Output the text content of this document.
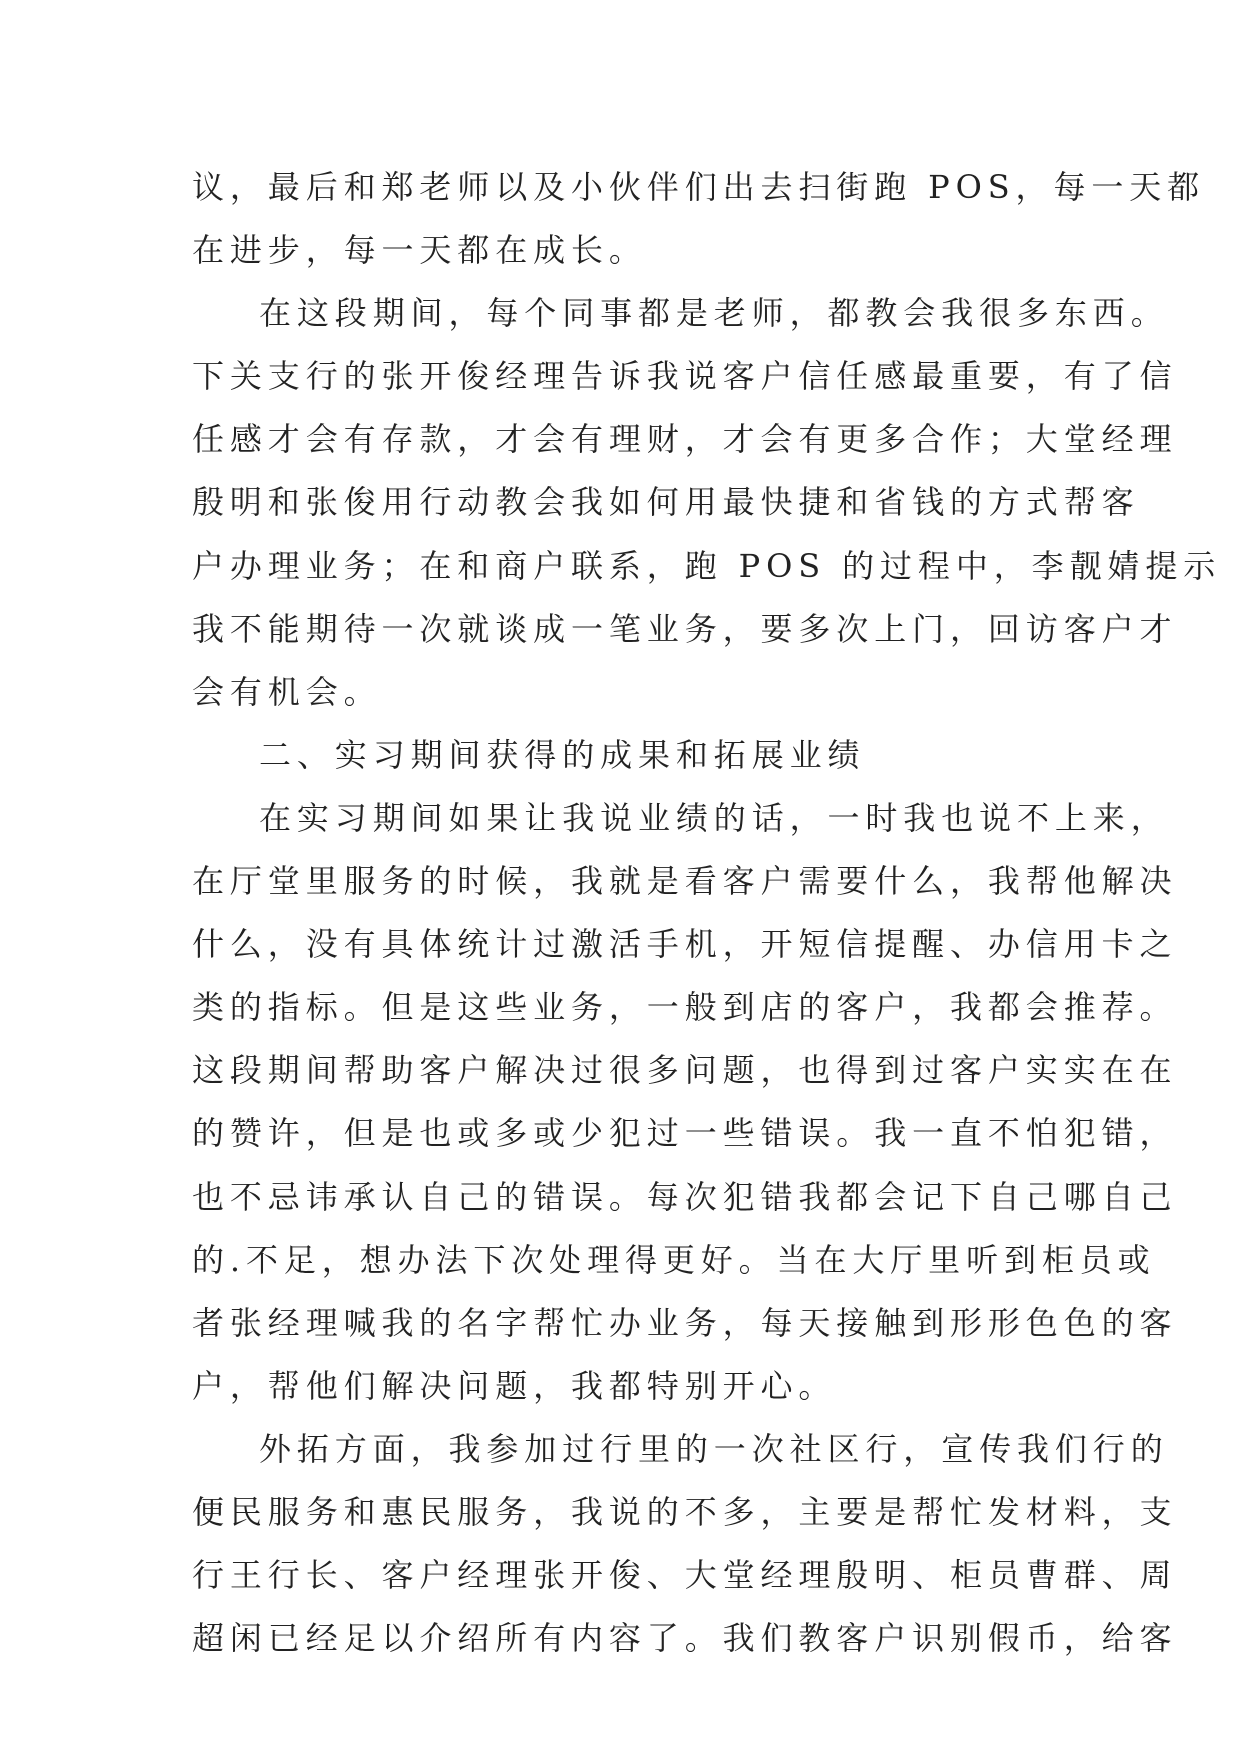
议，最后和郑老师以及小伙伴们出去扫街跑 POS，每一天都
在进步，每一天都在成长。
在这段期间，每个同事都是老师，都教会我很多东西。
下关支行的张开俊经理告诉我说客户信任感最重要，有了信
任感才会有存款，才会有理财，才会有更多合作；大堂经理
殷明和张俊用行动教会我如何用最快捷和省钱的方式帮客
户办理业务；在和商户联系，跑 POS 的过程中，李靓婧提示
我不能期待一次就谈成一笔业务，要多次上门，回访客户才
会有机会。
二、实习期间获得的成果和拓展业绩
在实习期间如果让我说业绩的话，一时我也说不上来，
在厅堂里服务的时候，我就是看客户需要什么，我帮他解决
什么，没有具体统计过激活手机，开短信提醒、办信用卡之
类的指标。但是这些业务，一般到店的客户，我都会推荐。
这段期间帮助客户解决过很多问题，也得到过客户实实在在
的赞许，但是也或多或少犯过一些错误。我一直不怕犯错，
也不忌讳承认自己的错误。每次犯错我都会记下自己哪自己
的.不足，想办法下次处理得更好。当在大厅里听到柜员或
者张经理喊我的名字帮忙办业务，每天接触到形形色色的客
户，帮他们解决问题，我都特别开心。
外拓方面，我参加过行里的一次社区行，宣传我们行的
便民服务和惠民服务，我说的不多，主要是帮忙发材料，支
行王行长、客户经理张开俊、大堂经理殷明、柜员曹群、周
超闲已经足以介绍所有内容了。我们教客户识别假币，给客
